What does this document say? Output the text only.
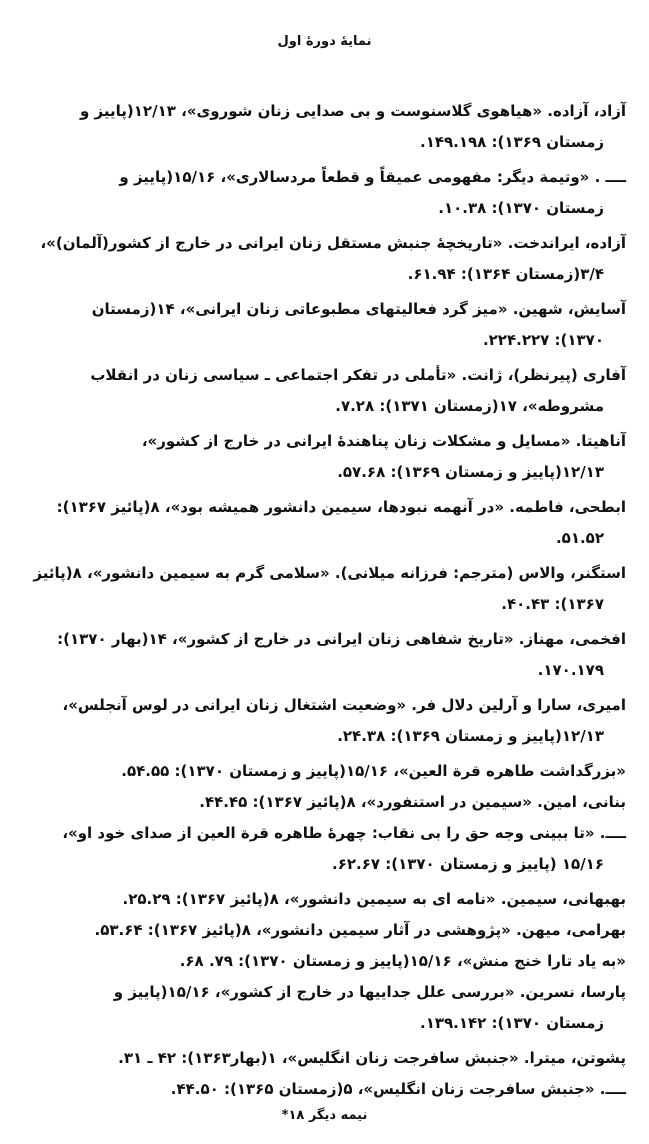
نمایهٔ دورهٔ اول
آزاد، آزاده. «هیاهوی گلاسنوست و بی صدایی زنان شوروی»، ۱۲/۱۳(پاییز و
زمستان ۱۳۶۹): ۱۴۹.۱۹۸.
ــــ . «وتیمة دیگر: مفهومی عمیقاً و قطعاً مردسالاری»، ۱۵/۱۶(پاییز و
زمستان ۱۳۷۰): ۱۰.۳۸.
آزاده، ایراندخت. «تاریخچهٔ جنبش مستقل زنان ایرانی در خارج از کشور(آلمان)»،
۳/۴(زمستان ۱۳۶۴): ۶۱.۹۴.
آسایش، شهین. «میز گرد فعالیتهای مطبوعاتی زنان ایرانی»، ۱۴(زمستان
۱۳۷۰): ۲۲۴.۲۲۷.
آفاری (پیرنظر)، ژانت. «تأملی در تفکر اجتماعی ـ سیاسی زنان در انقلاب
مشروطه»، ۱۷(زمستان ۱۳۷۱): ۷.۲۸.
آناهیتا. «مسایل و مشکلات زنان پناهندهٔ ایرانی در خارج از کشور»،
۱۲/۱۳(پاییز و زمستان ۱۳۶۹): ۵۷.۶۸.
ابطحی، فاطمه. «در آنهمه نبودها، سیمین دانشور همیشه بود»، ۸(پائیز ۱۳۶۷):
۵۱.۵۲.
استگنر، والاس (مترجم: فرزانه میلانی). «سلامی گرم به سیمین دانشور»، ۸(پائیز
۱۳۶۷): ۴۰.۴۳.
افخمی، مهناز. «تاریخ شفاهی زنان ایرانی در خارج از کشور»، ۱۴(بهار ۱۳۷۰):
۱۷۰.۱۷۹.
امیری، سارا و آرلین دلال فر. «وضعیت اشتغال زنان ایرانی در لوس آنجلس»،
۱۲/۱۳(پاییز و زمستان ۱۳۶۹): ۲۴.۳۸.
«بزرگداشت طاهره قرة العین»، ۱۵/۱۶(پاییز و زمستان ۱۳۷۰): ۵۴.۵۵.
بنانی، امین. «سیمین در استنفورد»، ۸(پائیز ۱۳۶۷): ۴۴.۴۵.
ــــ. «تا ببینی وجه حق را بی نقاب: چهرهٔ طاهره قرة العین از صدای خود او»،
۱۵/۱۶ (پاییز و زمستان ۱۳۷۰): ۶۲.۶۷.
بهبهانی، سیمین. «نامه ای به سیمین دانشور»، ۸(پائیز ۱۳۶۷): ۲۵.۲۹.
بهرامی، میهن. «پژوهشی در آثار سیمین دانشور»، ۸(پائیز ۱۳۶۷): ۵۳.۶۴.
«به یاد تارا خنج منش»، ۱۵/۱۶(پاییز و زمستان ۱۳۷۰): ۷۹. ۶۸.
پارسا، نسرین. «بررسی علل جداییها در خارج از کشور»، ۱۵/۱۶(پاییز و
زمستان ۱۳۷۰): ۱۳۹.۱۴۲.
پشوتن، میترا. «جنبش سافرجت زنان انگلیس»، ۱(بهار۱۳۶۳): ۴۲ ـ ۳۱.
ــــ. «جنبش سافرجت زنان انگلیس»، ۵(زمستان ۱۳۶۵): ۴۴.۵۰.
نیمه دیگر ۱۸*
